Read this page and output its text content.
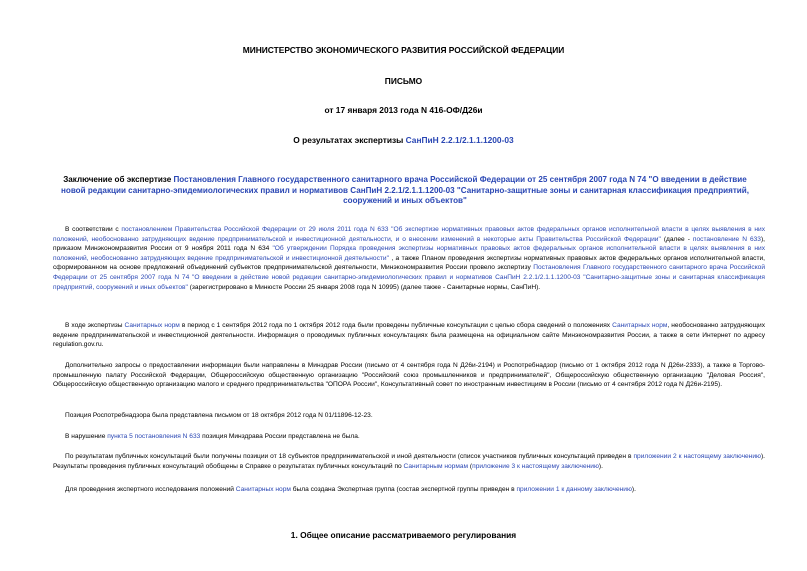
МИНИСТЕРСТВО ЭКОНОМИЧЕСКОГО РАЗВИТИЯ РОССИЙСКОЙ ФЕДЕРАЦИИ
ПИСЬМО
от 17 января 2013 года N 416-ОФ/Д26и
О результатах экспертизы СанПиН 2.2.1/2.1.1.1200-03

Заключение об экспертизе Постановления Главного государственного санитарного врача Российской Федерации от 25 сентября 2007 года N 74 "О введении в действие новой редакции санитарно-эпидемиологических правил и нормативов СанПиН 2.2.1/2.1.1.1200-03 "Санитарно-защитные зоны и санитарная классификация предприятий, сооружений и иных объектов"

В соответствии с постановлением Правительства Российской Федерации от 29 июля 2011 года N 633 "Об экспертизе нормативных правовых актов федеральных органов исполнительной власти в целях выявления в них положений, необоснованно затрудняющих ведение предпринимательской и инвестиционной деятельности, и о внесении изменений в некоторые акты Правительства Российской Федерации" (далее - постановление N 633), приказом Минэкономразвития России от 9 ноября 2011 года N 634 "Об утверждении Порядка проведения экспертизы нормативных правовых актов федеральных органов исполнительной власти в целях выявления в них положений, необоснованно затрудняющих ведение предпринимательской и инвестиционной деятельности" , а также Планом проведения экспертизы нормативных правовых актов федеральных органов исполнительной власти, сформированном на основе предложений объединений субъектов предпринимательской деятельности, Минэкономразвития России провело экспертизу Постановления Главного государственного санитарного врача Российской Федерации от 25 сентября 2007 года N 74 "О введении в действие новой редакции санитарно-эпидемиологических правил и нормативов СанПиН 2.2.1/2.1.1.1200-03 "Санитарно-защитные зоны и санитарная классификация предприятий, сооружений и иных объектов" (зарегистрировано в Минюсте России 25 января 2008 года N 10995) (далее также - Санитарные нормы, СанПиН).

В ходе экспертизы Санитарных норм в период с 1 сентября 2012 года по 1 октября 2012 года были проведены публичные консультации с целью сбора сведений о положениях Санитарных норм, необоснованно затрудняющих ведение предпринимательской и инвестиционной деятельности. Информация о проводимых публичных консультациях была размещена на официальном сайте Минэкономразвития России, а также в сети Интернет по адресу regulation.gov.ru.

Дополнительно запросы о предоставлении информации были направлены в Минздрав России (письмо от 4 сентября года N Д26и-2194) и Роспотребнадзор (письмо от 1 октября 2012 года N Д26и-2333), а также в Торгово-промышленную палату Российской Федерации, Общероссийскую общественную организацию "Российский союз промышленников и предпринимателей", Общероссийскую общественную организацию "Деловая Россия", Общероссийскую общественную организацию малого и среднего предпринимательства "ОПОРА России", Консультативный совет по иностранным инвестициям в России (письмо от 4 сентября 2012 года N Д26и-2195).

Позиция Роспотребнадзора была представлена письмом от 18 октября 2012 года N 01/11896-12-23.

В нарушение пункта 5 постановления N 633 позиция Минздрава России представлена не была.

По результатам публичных консультаций были получены позиции от 18 субъектов предпринимательской и иной деятельности (список участников публичных консультаций приведен в приложении 2 к настоящему заключению). Результаты проведения публичных консультаций обобщены в Справке о результатах публичных консультаций по Санитарным нормам (приложение 3 к настоящему заключению).

Для проведения экспертного исследования положений Санитарных норм была создана Экспертная группа (состав экспертной группы приведен в приложении 1 к данному заключению).

1. Общее описание рассматриваемого регулирования
